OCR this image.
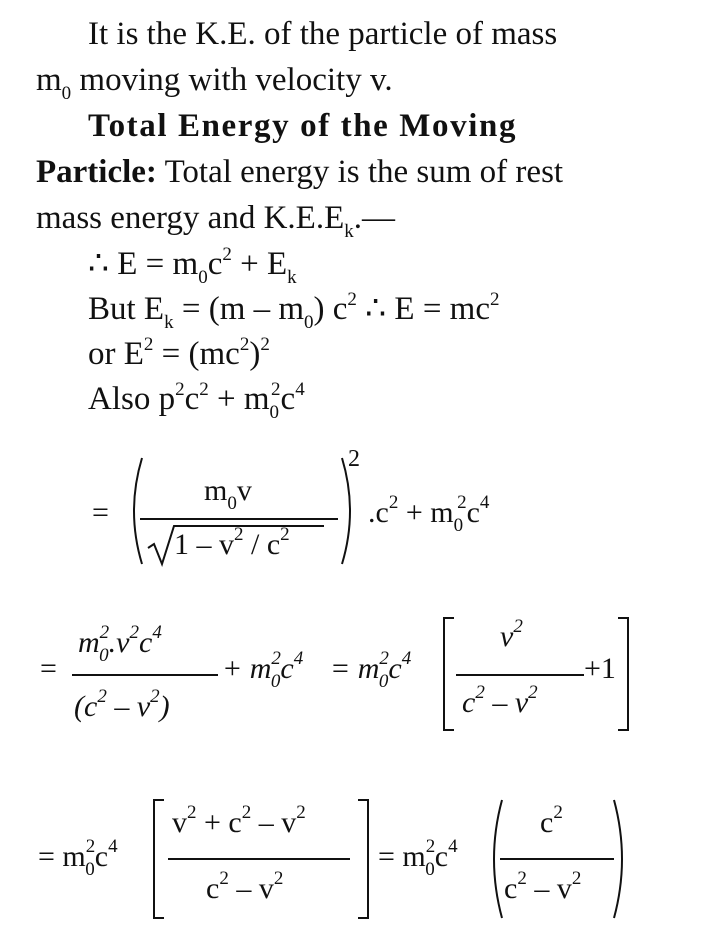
It is the K.E. of the particle of mass
$m_0$ moving with velocity v.
Total Energy of the Moving
Particle: Total energy is the sum of rest
mass energy and $K.E.E_k.—$
∴ $E = m_0c^2 + E_k$
But $E_k = (m - m_0)$ $c^2$ ∴ $E = mc^2$
or $E^2 = (mc^2)^2$
Also $p^2c^2 + m_0^2c^4$
=
$m_0v$
$1 - v^2 / c^2$
2
$.c^2 + m_0^2c^4$
=
$m^2_0.v^2c^4$
$(c^2 - v^2)$
+ $m^2_0c^4 = m^2_0c^4$
$v^2$
$c^2 - v^2$
+1
= $m^2_0c^4$
$v^2 + c^2 - v^2$
$c^2 - v^2$
= $m^2_0c^4$
$c^2$
$c^2 - v^2$
